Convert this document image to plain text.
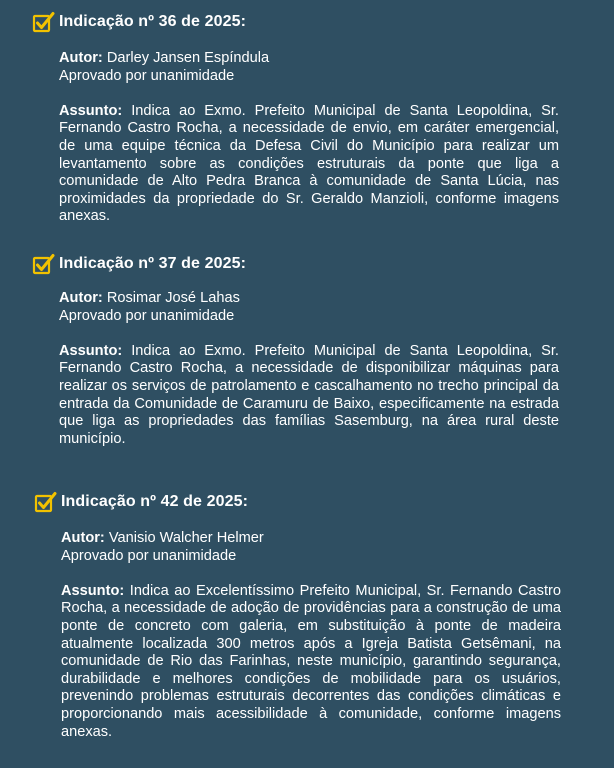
Indicação nº 36 de 2025:
Autor: Darley Jansen Espíndula
Aprovado por unanimidade
Assunto: Indica ao Exmo. Prefeito Municipal de Santa Leopoldina, Sr. Fernando Castro Rocha, a necessidade de envio, em caráter emergencial, de uma equipe técnica da Defesa Civil do Município para realizar um levantamento sobre as condições estruturais da ponte que liga a comunidade de Alto Pedra Branca à comunidade de Santa Lúcia, nas proximidades da propriedade do Sr. Geraldo Manzioli, conforme imagens anexas.
Indicação nº 37 de 2025:
Autor: Rosimar José Lahas
Aprovado por unanimidade
Assunto: Indica ao Exmo. Prefeito Municipal de Santa Leopoldina, Sr. Fernando Castro Rocha, a necessidade de disponibilizar máquinas para realizar os serviços de patrolamento e cascalhamento no trecho principal da entrada da Comunidade de Caramuru de Baixo, especificamente na estrada que liga as propriedades das famílias Sasemburg, na área rural deste município.
Indicação nº 42 de 2025:
Autor: Vanisio Walcher Helmer
Aprovado por unanimidade
Assunto: Indica ao Excelentíssimo Prefeito Municipal, Sr. Fernando Castro Rocha, a necessidade de adoção de providências para a construção de uma ponte de concreto com galeria, em substituição à ponte de madeira atualmente localizada 300 metros após a Igreja Batista Getsêmani, na comunidade de Rio das Farinhas, neste município, garantindo segurança, durabilidade e melhores condições de mobilidade para os usuários, prevenindo problemas estruturais decorrentes das condições climáticas e proporcionando mais acessibilidade à comunidade, conforme imagens anexas.
